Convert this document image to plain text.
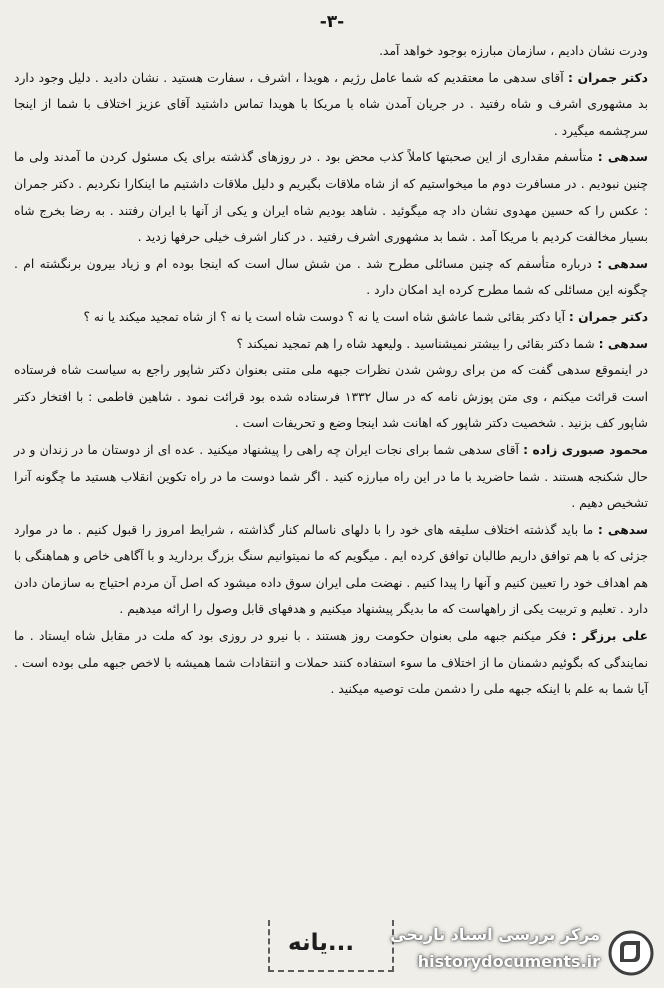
-۳-

ودرت نشان دادیم ، سازمان مبارزه بوجود خواهد آمد.

دکتر جمران : آقای سدهی ما معتقدیم که شما عامل رژیم ، هویدا ، اشرف ، سفارت هستید . نشان دادید . دلیل وجود دارد بد مشهوری اشرف و شاه رفتید . در جریان آمدن شاه با مریکا با هویدا تماس داشتید آقای عزیز اختلاف با شما از اینجا سرچشمه میگیرد .

سدهی : متأسفم مقداری از این صحبتها کاملاً کذب محض بود . در روزهای گذشته برای یک مسئول کردن ما آمدند ولی ما چنین نبودیم . در مسافرت دوم ما میخواستیم که از شاه ملاقات بگیریم و دلیل ملاقات داشتیم ما اینکارا نکردیم . دکتر جمران : عکس را که حسین مهدوی نشان داد چه میگوئید . شاهد بودیم شاه ایران و یکی از آنها با ایران رفتند . به رضا بخرج شاه بسیار مخالفت کردیم با مریکا آمد . شما بد مشهوری اشرف رفتید . در کنار اشرف خیلی حرفها زدید .

سدهی : درباره متأسفم که چنین مسائلی مطرح شد . من شش سال است که اینجا بوده ام و زیاد بیرون برنگشته ام . چگونه این مسائلی که شما مطرح کرده اید امکان دارد .

دکتر جمران : آیا دکتر بقائی شما عاشق شاه است یا نه ؟ دوست شاه است یا نه ؟ از شاه تمجید میکند یا نه ؟

سدهی : شما دکتر بقائی را بیشتر نمیشناسید . ولیعهد شاه را هم تمجید نمیکند ؟

در اینموقع سدهی گفت که من برای روشن شدن نظرات جبهه ملی متنی بعنوان دکتر شاپور راجع به سیاست شاه فرستاده است قرائت میکنم ، وی متن پوزش نامه که در سال ۱۳۳۲ فرستاده شده بود قرائت نمود . شاهین فاطمی : با افتخار دکتر شاپور کف بزنید . شخصیت دکتر شاپور که اهانت شد اینجا وضع و تحریفات است .

محمود صبوری زاده : آقای سدهی شما برای نجات ایران چه راهی را پیشنهاد میکنید . عده ای از دوستان ما در زندان و در حال شکنجه هستند . شما حاضرید با ما در این راه مبارزه کنید . اگر شما دوست ما در راه تکوین انقلاب هستید ما چگونه آنرا تشخیص دهیم .

سدهی : ما باید گذشته اختلاف سلیقه های خود را با دلهای ناسالم کنار گذاشته ، شرایط امروز را قبول کنیم . ما در موارد جزئی که با هم توافق داریم طالبان توافق کرده ایم . میگویم که ما نمیتوانیم سنگ بزرگ بردارید و با آگاهی خاص و هماهنگی با هم اهداف خود را تعیین کنیم و آنها را پیدا کنیم . نهضت ملی ایران سوق داده میشود که اصل آن مردم احتیاج به سازمان دادن دارد . تعلیم و تربیت یکی از راههاست که ما بدیگر پیشنهاد میکنیم و هدفهای قابل وصول را ارائه میدهیم .

علی برزگر : فکر میکنم جبهه ملی بعنوان حکومت روز هستند . با نیرو در روزی بود که ملت در مقابل شاه ایستاد . ما نمایندگی که بگوئیم دشمنان ما از اختلاف ما سوء استفاده کنند حملات و انتقادات شما همیشه با لاخص جبهه ملی بوده است . آیا شما به علم با اینکه جبهه ملی را دشمن ملت توصیه میکنید .

...یانه مرکز بررسی اسناد تاریخی
historydocuments.ir
